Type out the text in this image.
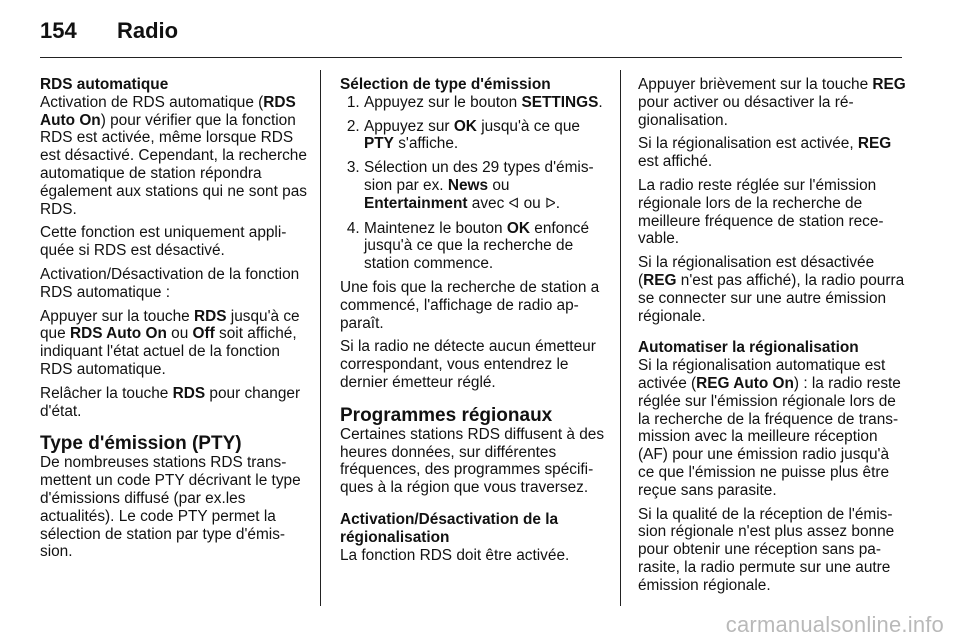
154 Radio

RDS automatique

Activation de RDS automatique (RDS Auto On) pour vérifier que la fonction RDS est activée, même lorsque RDS est désactivé. Cependant, la recherche automatique de station répondra également aux stations qui ne sont pas RDS.

Cette fonction est uniquement appliquée si RDS est désactivé.

Activation/Désactivation de la fonction RDS automatique :

Appuyer sur la touche RDS jusqu'à ce que RDS Auto On ou Off soit affiché, indiquant l'état actuel de la fonction RDS automatique.

Relâcher la touche RDS pour changer d'état.

Type d'émission (PTY)

De nombreuses stations RDS transmettent un code PTY décrivant le type d'émissions diffusé (par ex.les actualités). Le code PTY permet la sélection de station par type d'émission.

Sélection de type d'émission

1. Appuyez sur le bouton SETTINGS.
2. Appuyez sur OK jusqu'à ce que PTY s'affiche.
3. Sélection un des 29 types d'émission par ex. News ou Entertainment avec ᐊ ou ᐅ.
4. Maintenez le bouton OK enfoncé jusqu'à ce que la recherche de station commence.

Une fois que la recherche de station a commencé, l'affichage de radio apparaît.

Si la radio ne détecte aucun émetteur correspondant, vous entendrez le dernier émetteur réglé.

Programmes régionaux

Certaines stations RDS diffusent à des heures données, sur différentes fréquences, des programmes spécifiques à la région que vous traversez.

Activation/Désactivation de la régionalisation

La fonction RDS doit être activée.

Appuyer brièvement sur la touche REG pour activer ou désactiver la régionalisation.

Si la régionalisation est activée, REG est affiché.

La radio reste réglée sur l'émission régionale lors de la recherche de meilleure fréquence de station recevable.

Si la régionalisation est désactivée (REG n'est pas affiché), la radio pourra se connecter sur une autre émission régionale.

Automatiser la régionalisation

Si la régionalisation automatique est activée (REG Auto On) : la radio reste réglée sur l'émission régionale lors de la recherche de la fréquence de transmission avec la meilleure réception (AF) pour une émission radio jusqu'à ce que l'émission ne puisse plus être reçue sans parasite.

Si la qualité de la réception de l'émission régionale n'est plus assez bonne pour obtenir une réception sans parasite, la radio permute sur une autre émission régionale.

carmanualsonline.info
